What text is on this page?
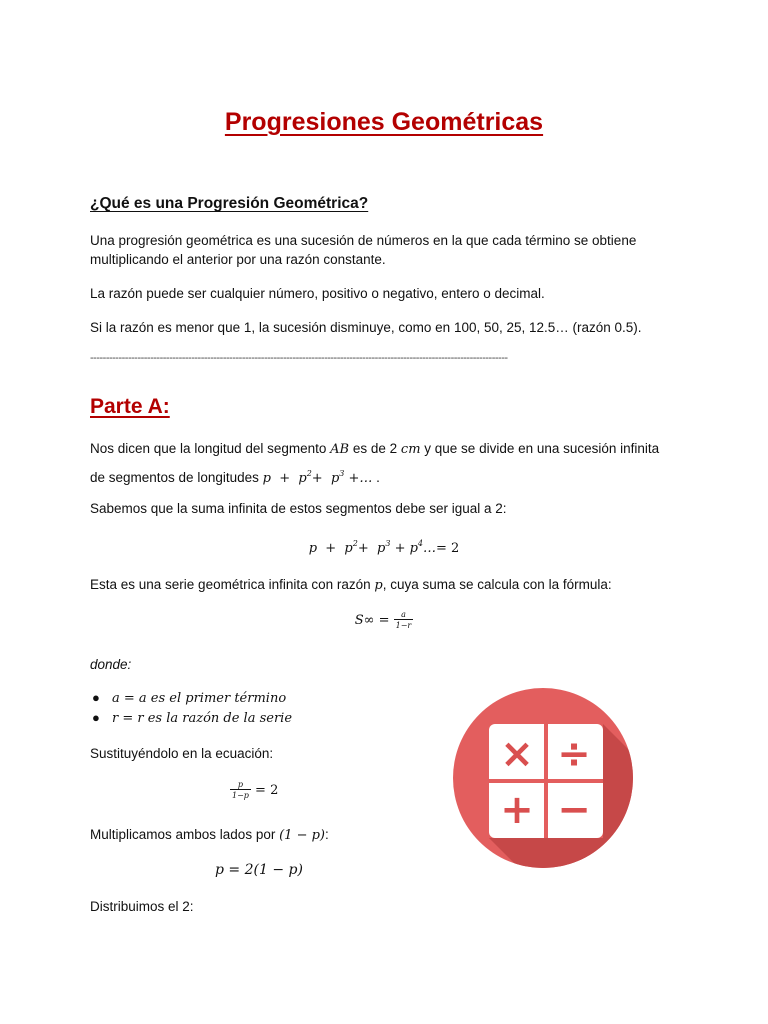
Progresiones Geométricas
¿Qué es una Progresión Geométrica?
Una progresión geométrica es una sucesión de números en la que cada término se obtiene
multiplicando el anterior por una razón constante.
La razón puede ser cualquier número, positivo o negativo, entero o decimal.
Si la razón es menor que 1, la sucesión disminuye, como en 100, 50, 25, 12.5… (razón 0.5).
------------------------------------------------------------------------------------------------------------------------------------
Parte A:
Nos dicen que la longitud del segmento AB es de 2 cm y que se divide en una sucesión infinita
de segmentos de longitudes $p + p^2+ p^3$ +… .
Sabemos que la suma infinita de estos segmentos debe ser igual a 2:
$p + p^2+ p^3$ + $p^4\dots= 2$
Esta es una serie geométrica infinita con razón p, cuya suma se calcula con la fórmula:
$S\infty = \frac{a}{1-r}$
donde:
● a = a es el primer término
● r = r es la razón de la serie
Sustituyéndolo en la ecuación:
$\frac{p}{1-p} = 2$
Multiplicamos ambos lados por (1 − p):
p = 2(1 − p)
Distribuimos el 2:
× ÷
+ −
